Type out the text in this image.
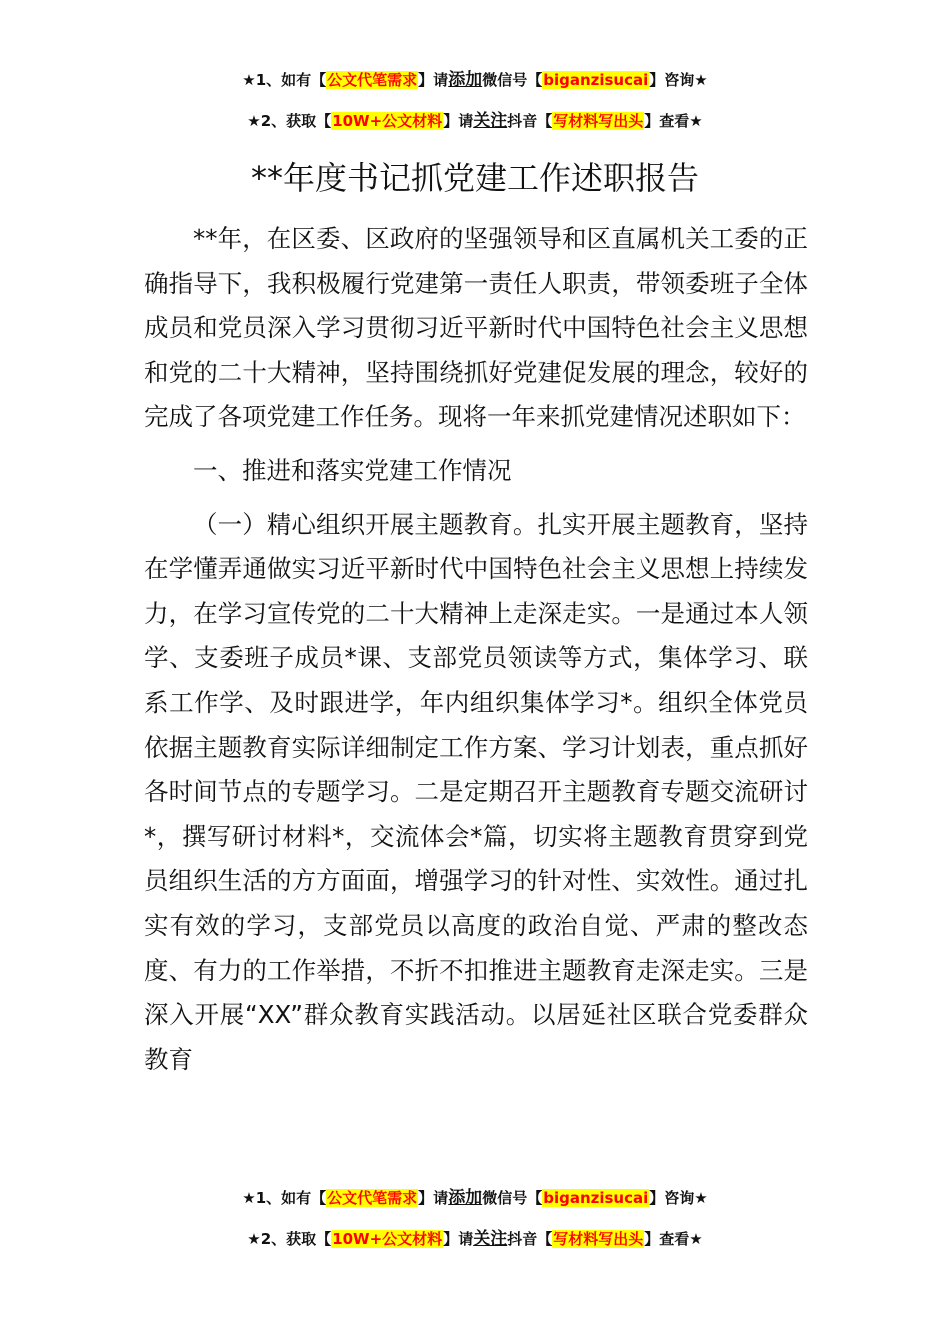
★1、如有【公文代笔需求】请添加微信号【biganzisucai】咨询★
★2、获取【10W+公文材料】请关注抖音【写材料写出头】查看★
**年度书记抓党建工作述职报告

**年，在区委、区政府的坚强领导和区直属机关工委的正确指导下，我积极履行党建第一责任人职责，带领委班子全体成员和党员深入学习贯彻习近平新时代中国特色社会主义思想和党的二十大精神，坚持围绕抓好党建促发展的理念，较好的完成了各项党建工作任务。现将一年来抓党建情况述职如下：

一、推进和落实党建工作情况

（一）精心组织开展主题教育。扎实开展主题教育，坚持在学懂弄通做实习近平新时代中国特色社会主义思想上持续发力，在学习宣传党的二十大精神上走深走实。一是通过本人领学、支委班子成员*课、支部党员领读等方式，集体学习、联系工作学、及时跟进学，年内组织集体学习*。组织全体党员依据主题教育实际详细制定工作方案、学习计划表，重点抓好各时间节点的专题学习。二是定期召开主题教育专题交流研讨*，撰写研讨材料*，交流体会*篇，切实将主题教育贯穿到党员组织生活的方方面面，增强学习的针对性、实效性。通过扎实有效的学习，支部党员以高度的政治自觉、严肃的整改态度、有力的工作举措，不折不扣推进主题教育走深走实。三是深入开展“XX”群众教育实践活动。以居延社区联合党委群众教育

★1、如有【公文代笔需求】请添加微信号【biganzisucai】咨询★
★2、获取【10W+公文材料】请关注抖音【写材料写出头】查看★
